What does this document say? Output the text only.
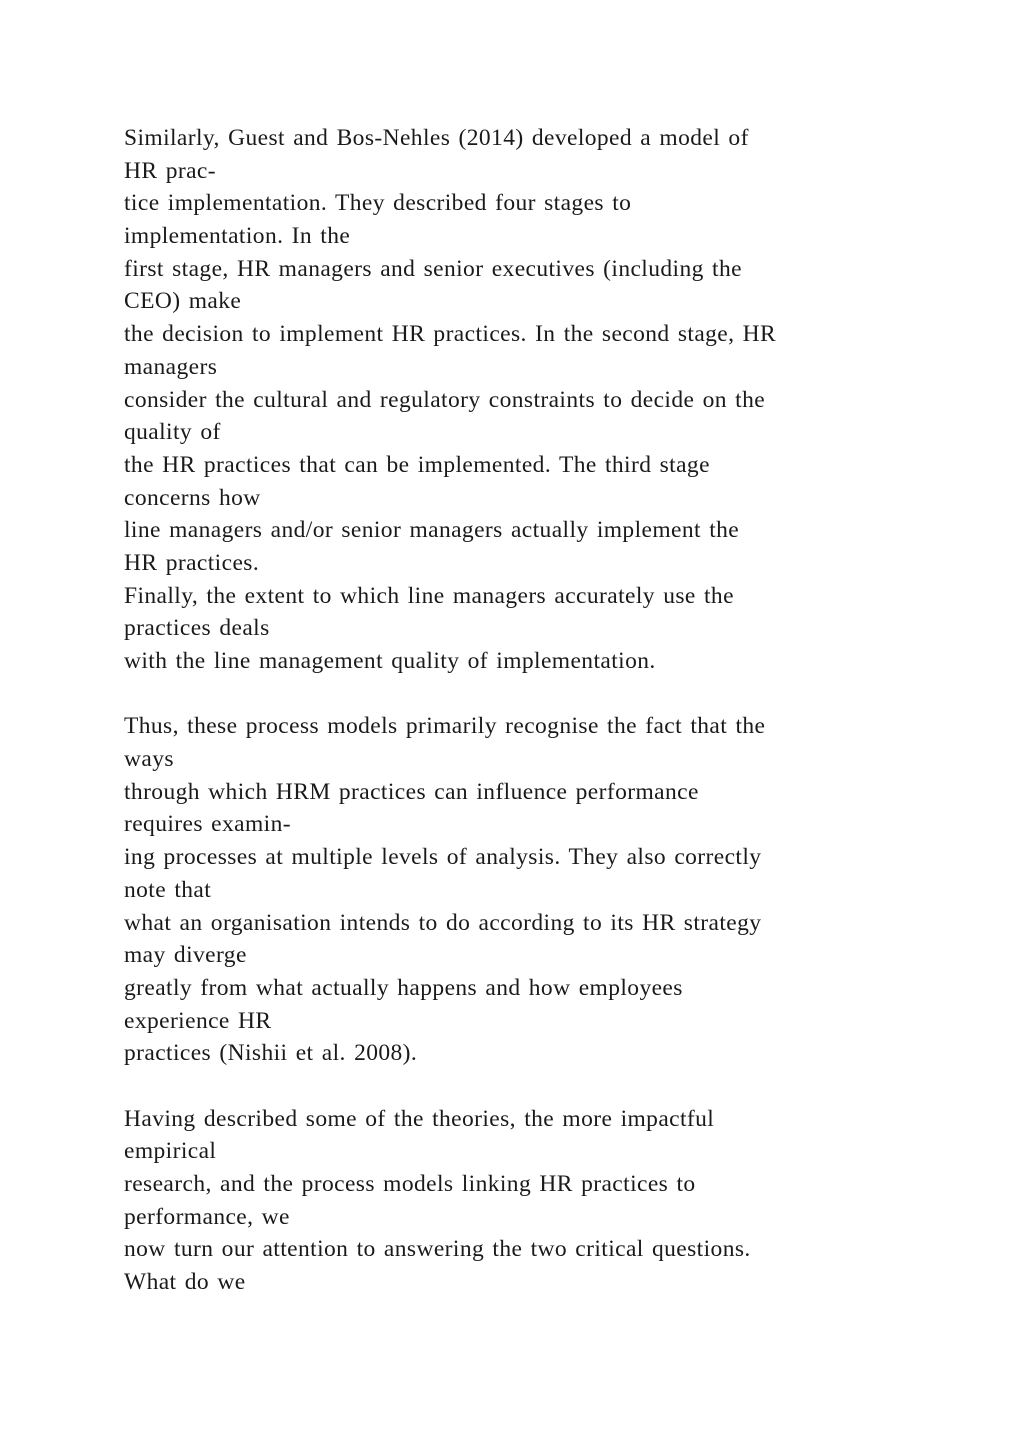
Similarly, Guest and Bos-Nehles (2014) developed a model of
HR prac-
tice implementation. They described four stages to
implementation. In the
first stage, HR managers and senior executives (including the
CEO) make
the decision to implement HR practices. In the second stage, HR
managers
consider the cultural and regulatory constraints to decide on the
quality of
the HR practices that can be implemented. The third stage
concerns how
line managers and/or senior managers actually implement the
HR practices.
Finally, the extent to which line managers accurately use the
practices deals
with the line management quality of implementation.
Thus, these process models primarily recognise the fact that the
ways
through which HRM practices can influence performance
requires examin-
ing processes at multiple levels of analysis. They also correctly
note that
what an organisation intends to do according to its HR strategy
may diverge
greatly from what actually happens and how employees
experience HR
practices (Nishii et al. 2008).
Having described some of the theories, the more impactful
empirical
research, and the process models linking HR practices to
performance, we
now turn our attention to answering the two critical questions.
What do we
